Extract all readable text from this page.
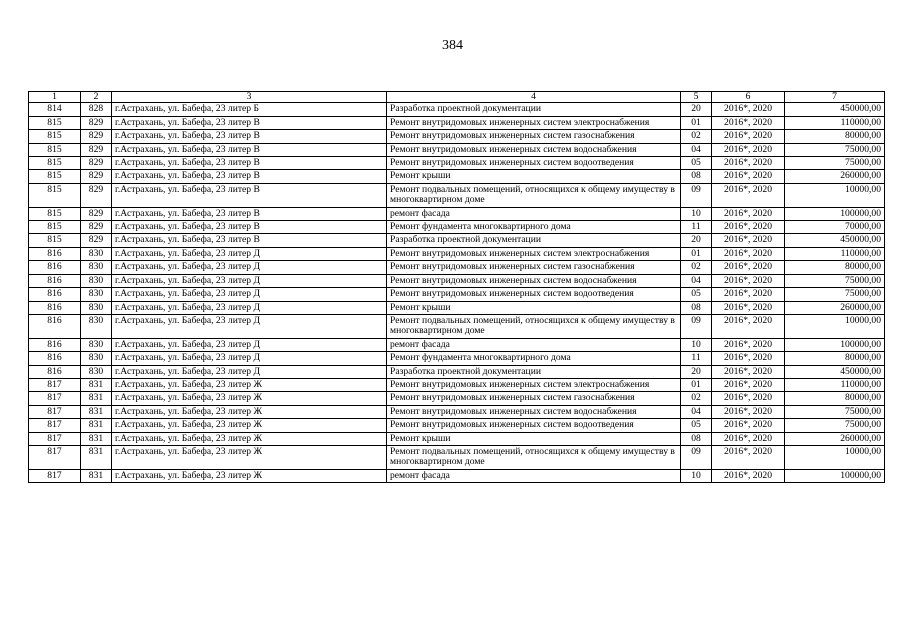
384
1	2	3	4	5	6	7
814	828	г.Астрахань, ул. Бабефа, 23 литер Б	Разработка проектной документации	20	2016*, 2020	450000,00
815	829	г.Астрахань, ул. Бабефа, 23 литер В	Ремонт внутридомовых инженерных систем электроснабжения	01	2016*, 2020	110000,00
815	829	г.Астрахань, ул. Бабефа, 23 литер В	Ремонт внутридомовых инженерных систем газоснабжения	02	2016*, 2020	80000,00
815	829	г.Астрахань, ул. Бабефа, 23 литер В	Ремонт внутридомовых инженерных систем водоснабжения	04	2016*, 2020	75000,00
815	829	г.Астрахань, ул. Бабефа, 23 литер В	Ремонт внутридомовых инженерных систем водоотведения	05	2016*, 2020	75000,00
815	829	г.Астрахань, ул. Бабефа, 23 литер В	Ремонт крыши	08	2016*, 2020	260000,00
815	829	г.Астрахань, ул. Бабефа, 23 литер В	Ремонт подвальных помещений, относящихся к общему имуществу в многоквартирном доме	09	2016*, 2020	10000,00
815	829	г.Астрахань, ул. Бабефа, 23 литер В	ремонт фасада	10	2016*, 2020	100000,00
815	829	г.Астрахань, ул. Бабефа, 23 литер В	Ремонт фундамента многоквартирного дома	11	2016*, 2020	70000,00
815	829	г.Астрахань, ул. Бабефа, 23 литер В	Разработка проектной документации	20	2016*, 2020	450000,00
816	830	г.Астрахань, ул. Бабефа, 23 литер Д	Ремонт внутридомовых инженерных систем электроснабжения	01	2016*, 2020	110000,00
816	830	г.Астрахань, ул. Бабефа, 23 литер Д	Ремонт внутридомовых инженерных систем газоснабжения	02	2016*, 2020	80000,00
816	830	г.Астрахань, ул. Бабефа, 23 литер Д	Ремонт внутридомовых инженерных систем водоснабжения	04	2016*, 2020	75000,00
816	830	г.Астрахань, ул. Бабефа, 23 литер Д	Ремонт внутридомовых инженерных систем водоотведения	05	2016*, 2020	75000,00
816	830	г.Астрахань, ул. Бабефа, 23 литер Д	Ремонт крыши	08	2016*, 2020	260000,00
816	830	г.Астрахань, ул. Бабефа, 23 литер Д	Ремонт подвальных помещений, относящихся к общему имуществу в многоквартирном доме	09	2016*, 2020	10000,00
816	830	г.Астрахань, ул. Бабефа, 23 литер Д	ремонт фасада	10	2016*, 2020	100000,00
816	830	г.Астрахань, ул. Бабефа, 23 литер Д	Ремонт фундамента многоквартирного дома	11	2016*, 2020	80000,00
816	830	г.Астрахань, ул. Бабефа, 23 литер Д	Разработка проектной документации	20	2016*, 2020	450000,00
817	831	г.Астрахань, ул. Бабефа, 23 литер Ж	Ремонт внутридомовых инженерных систем электроснабжения	01	2016*, 2020	110000,00
817	831	г.Астрахань, ул. Бабефа, 23 литер Ж	Ремонт внутридомовых инженерных систем газоснабжения	02	2016*, 2020	80000,00
817	831	г.Астрахань, ул. Бабефа, 23 литер Ж	Ремонт внутридомовых инженерных систем водоснабжения	04	2016*, 2020	75000,00
817	831	г.Астрахань, ул. Бабефа, 23 литер Ж	Ремонт внутридомовых инженерных систем водоотведения	05	2016*, 2020	75000,00
817	831	г.Астрахань, ул. Бабефа, 23 литер Ж	Ремонт крыши	08	2016*, 2020	260000,00
817	831	г.Астрахань, ул. Бабефа, 23 литер Ж	Ремонт подвальных помещений, относящихся к общему имуществу в многоквартирном доме	09	2016*, 2020	10000,00
817	831	г.Астрахань, ул. Бабефа, 23 литер Ж	ремонт фасада	10	2016*, 2020	100000,00
